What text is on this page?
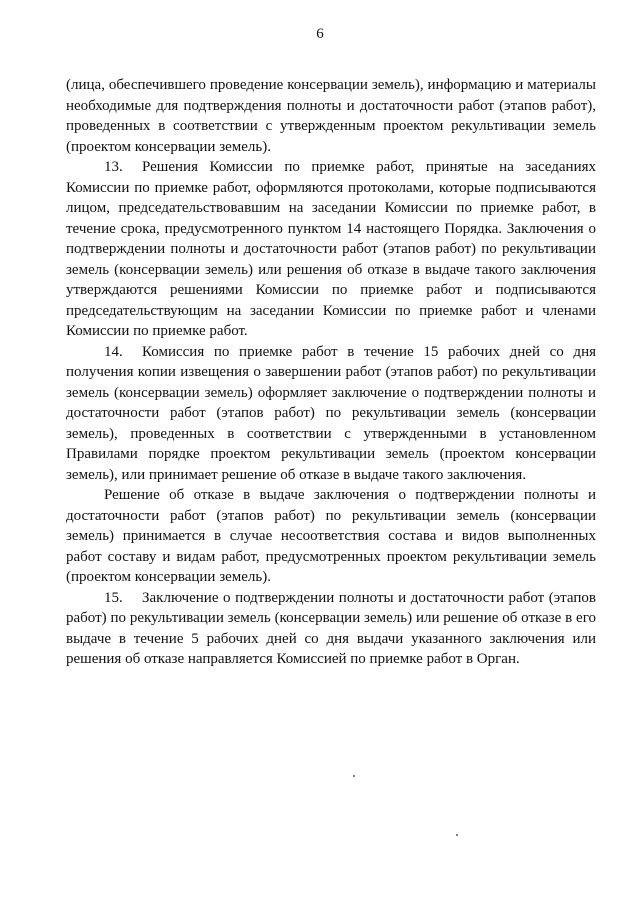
6

(лица, обеспечившего проведение консервации земель), информацию и материалы необходимые для подтверждения полноты и достаточности работ (этапов работ), проведенных в соответствии с утвержденным проектом рекультивации земель (проектом консервации земель).

13. Решения Комиссии по приемке работ, принятые на заседаниях Комиссии по приемке работ, оформляются протоколами, которые подписываются лицом, председательствовавшим на заседании Комиссии по приемке работ, в течение срока, предусмотренного пунктом 14 настоящего Порядка. Заключения о подтверждении полноты и достаточности работ (этапов работ) по рекультивации земель (консервации земель) или решения об отказе в выдаче такого заключения утверждаются решениями Комиссии по приемке работ и подписываются председательствующим на заседании Комиссии по приемке работ и членами Комиссии по приемке работ.

14. Комиссия по приемке работ в течение 15 рабочих дней со дня получения копии извещения о завершении работ (этапов работ) по рекультивации земель (консервации земель) оформляет заключение о подтверждении полноты и достаточности работ (этапов работ) по рекультивации земель (консервации земель), проведенных в соответствии с утвержденными в установленном Правилами порядке проектом рекультивации земель (проектом консервации земель), или принимает решение об отказе в выдаче такого заключения.

Решение об отказе в выдаче заключения о подтверждении полноты и достаточности работ (этапов работ) по рекультивации земель (консервации земель) принимается в случае несоответствия состава и видов выполненных работ составу и видам работ, предусмотренных проектом рекультивации земель (проектом консервации земель).

15. Заключение о подтверждении полноты и достаточности работ (этапов работ) по рекультивации земель (консервации земель) или решение об отказе в его выдаче в течение 5 рабочих дней со дня выдачи указанного заключения или решения об отказе направляется Комиссией по приемке работ в Орган.
